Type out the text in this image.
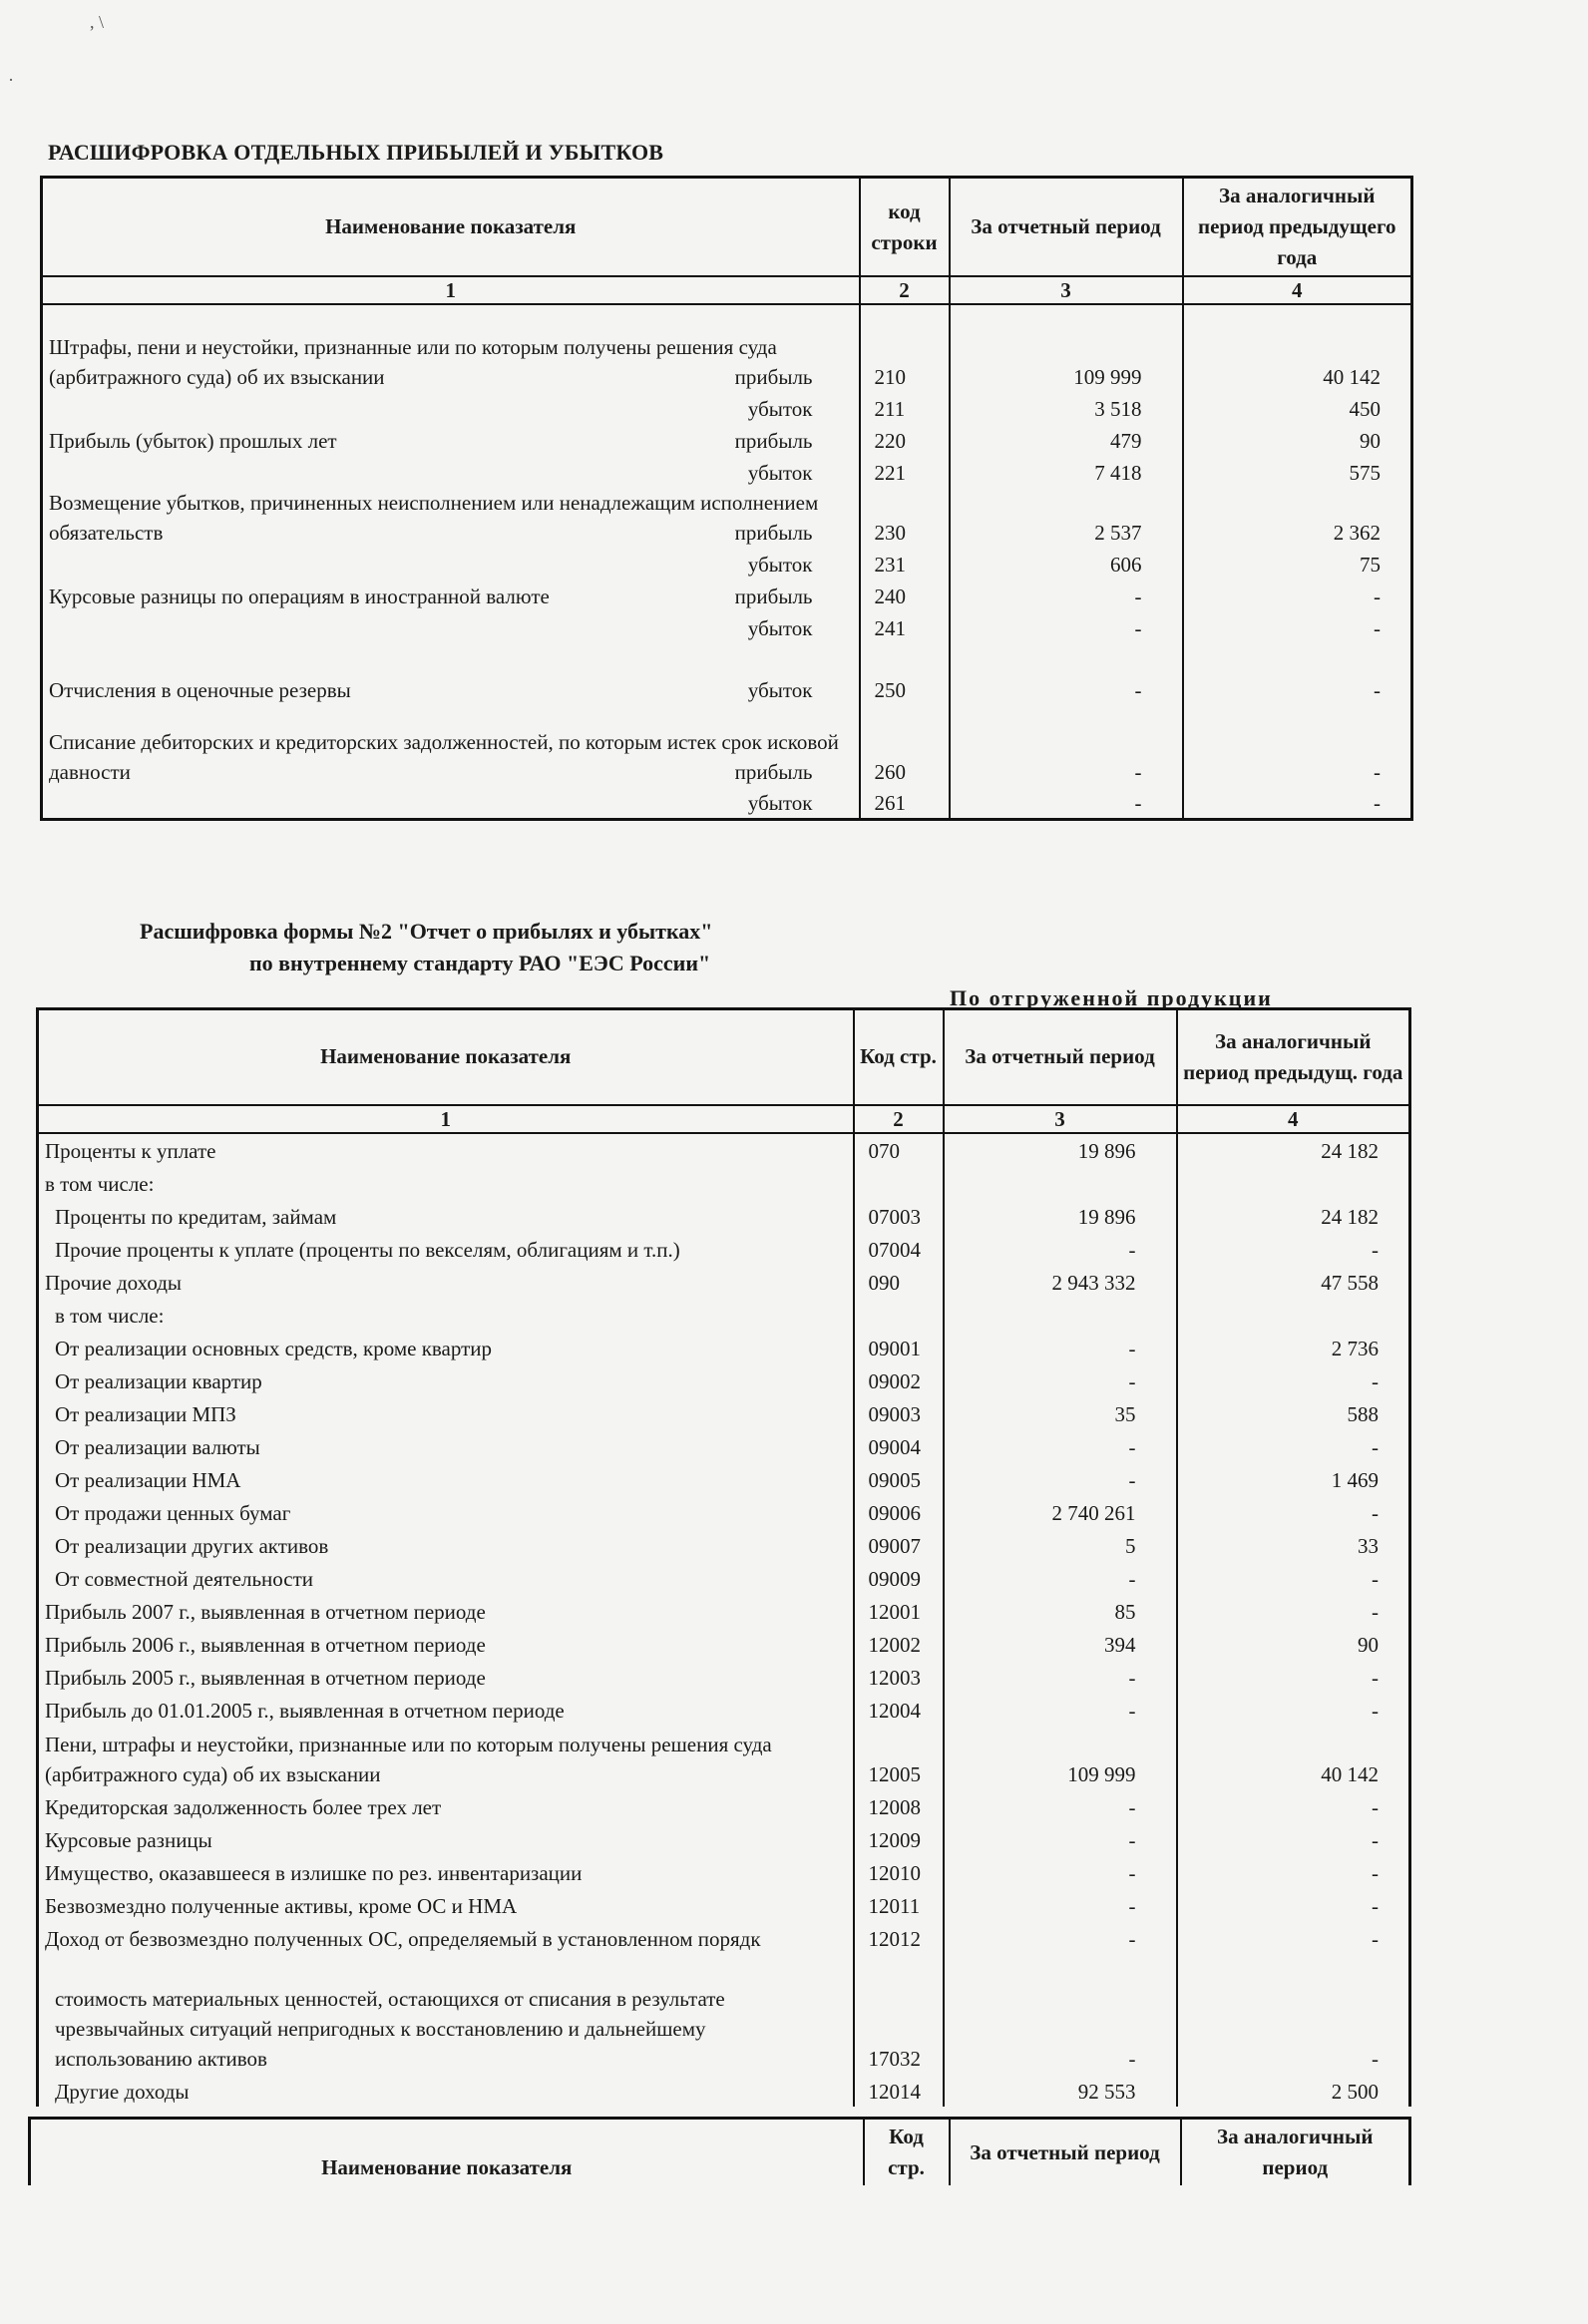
, \
·
РАСШИФРОВКА ОТДЕЛЬНЫХ ПРИБЫЛЕЙ И УБЫТКОВ
Наименование показателя	код строки	За отчетный период	За аналогичный период предыдущего года
1	2	3	4
Штрафы, пени и неустойки, признанные или по которым получены решения суда (арбитражного суда) об их взыскании прибыль	210	109 999	40 142

убыток	211	3 518	450
Прибыль (убыток) прошлых лет прибыль	220	479	90

убыток	221	7 418	575
Возмещение убытков, причиненных неисполнением или ненадлежащим исполнением обязательств прибыль	230	2 537	2 362

убыток	231	606	75
Курсовые разницы по операциям в иностранной валюте прибыль	240	-	-

убыток	241	-	-
Отчисления в оценочные резервы убыток	250	-	-
Списание дебиторских и кредиторских задолженностей, по которым истек срок исковой давности прибыль	260	-	-

убыток	261	-	-
Расшифровка формы №2 "Отчет о прибылях и убытках"
по внутреннему стандарту РАО "ЕЭС России"
По отгруженной продукции
Наименование показателя	Код стр.	За отчетный период	За аналогичный период предыдущ. года
1	2	3	4
Проценты к уплате	070	19 896	24 182
в том числе:			
Проценты по кредитам, займам	07003	19 896	24 182
Прочие проценты к уплате (проценты по векселям, облигациям и т.п.)	07004	-	-
Прочие доходы	090	2 943 332	47 558
в том числе:			
От реализации основных средств, кроме квартир	09001	-	2 736
От реализации квартир	09002	-	-
От реализации МПЗ	09003	35	588
От реализации валюты	09004	-	-
От реализации НМА	09005	-	1 469
От продажи ценных бумаг	09006	2 740 261	-
От реализации других активов	09007	5	33
От совместной деятельности	09009	-	-
Прибыль 2007 г., выявленная в отчетном периоде	12001	85	-
Прибыль 2006 г., выявленная в отчетном периоде	12002	394	90
Прибыль 2005 г., выявленная в отчетном периоде	12003	-	-
Прибыль до 01.01.2005 г., выявленная в отчетном периоде	12004	-	-
Пени, штрафы и неустойки, признанные или по которым получены решения суда (арбитражного суда) об их взыскании	12005	109 999	40 142
Кредиторская задолженность более трех лет	12008	-	-
Курсовые разницы	12009	-	-
Имущество, оказавшееся в излишке по рез. инвентаризации	12010	-	-
Безвозмездно полученные активы, кроме ОС и НМА	12011	-	-
Доход от безвозмездно полученных ОС, определяемый в установленном порядк	12012	-	-
стоимость материальных ценностей, остающихся от списания в результате чрезвычайных ситуаций непригодных к восстановлению и дальнейшему использованию активов	17032	-	-
Другие доходы	12014	92 553	2 500
Наименование показателя	Код стр.	За отчетный период	За аналогичный период
